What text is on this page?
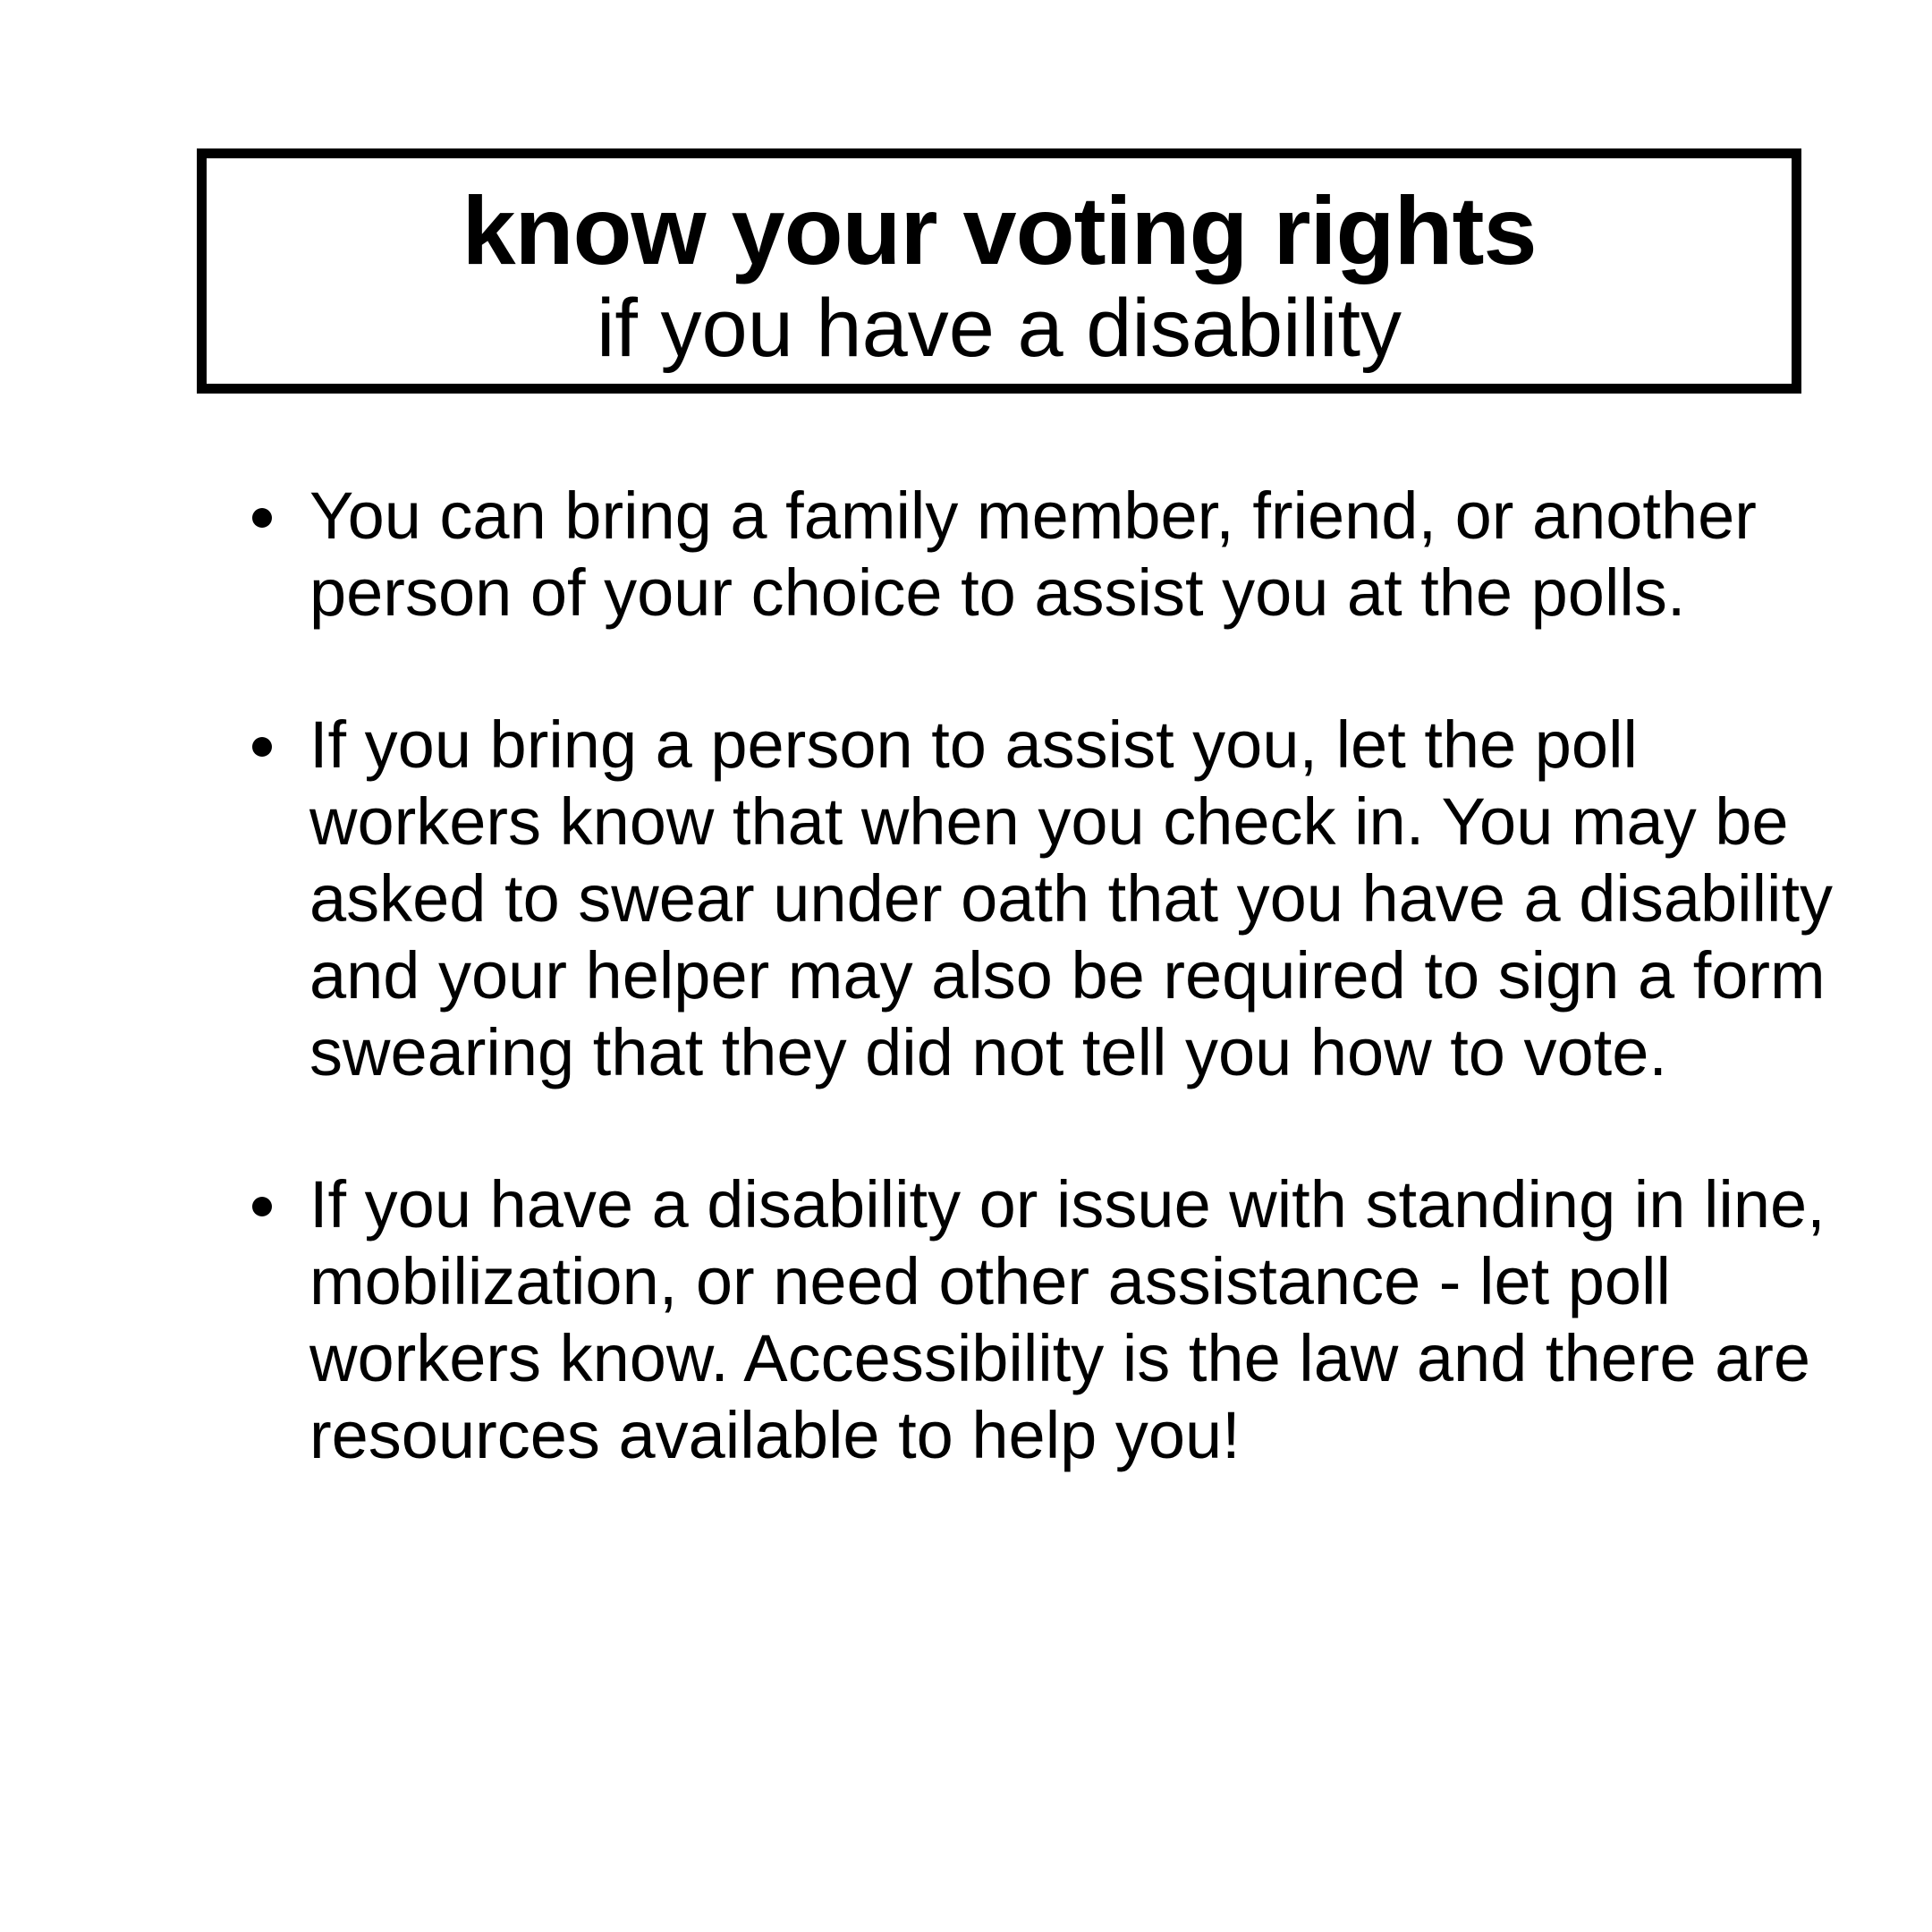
know your voting rights
if you have a disability
You can bring a family member, friend, or another person of your choice to assist you at the polls.
If you bring a person to assist you, let the poll workers know that when you check in. You may be asked to swear under oath that you have a disability and your helper may also be required to sign a form swearing that they did not tell you how to vote.
If you have a disability or issue with standing in line, mobilization, or need other assistance - let poll workers know. Accessibility is the law and there are resources available to help you!
